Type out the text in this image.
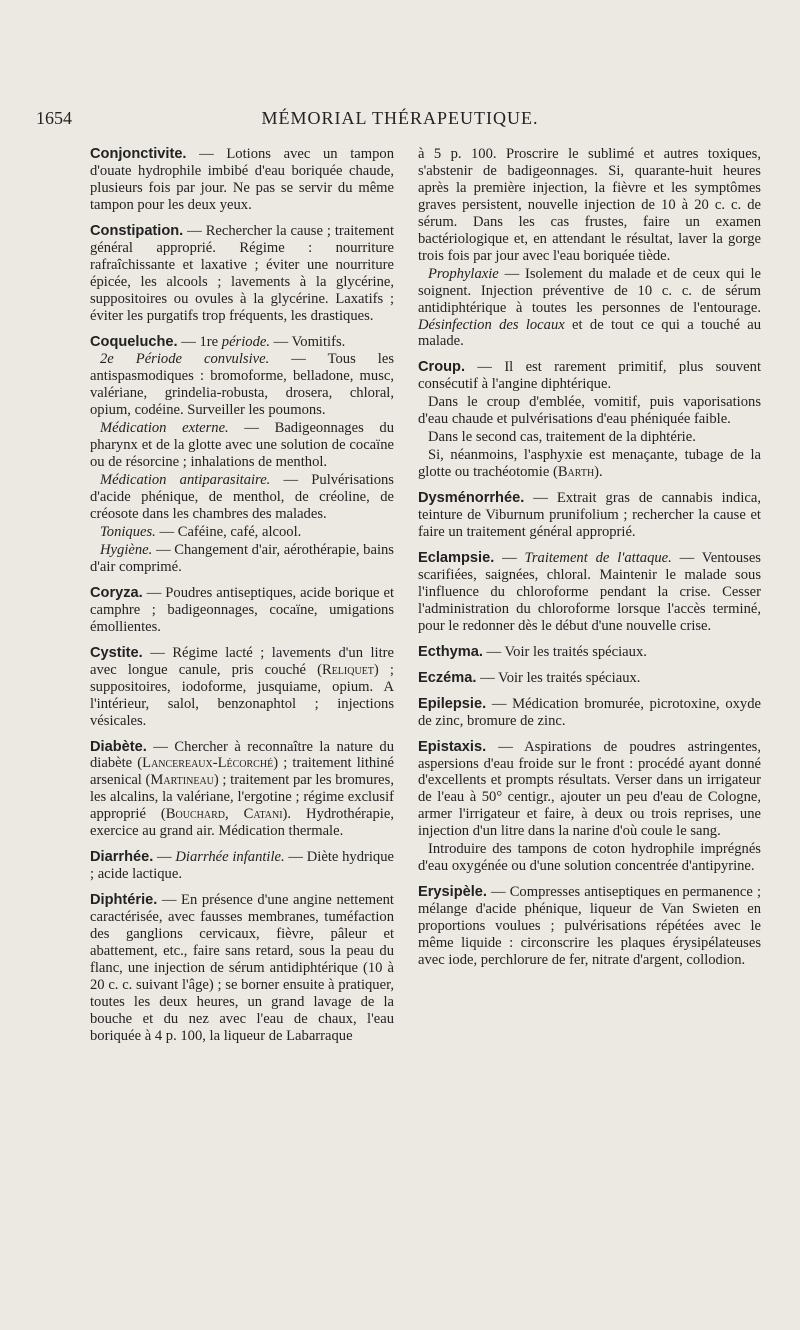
1654	MÉMORIAL THÉRAPEUTIQUE.

Conjonctivite. — Lotions avec un tampon d'ouate hydrophile imbibé d'eau boriquée chaude, plusieurs fois par jour. Ne pas se servir du même tampon pour les deux yeux.

Constipation. — Rechercher la cause ; traitement général approprié. Régime : nourriture rafraîchissante et laxative ; éviter une nourriture épicée, les alcools ; lavements à la glycérine, suppositoires ou ovules à la glycérine. Laxatifs ; éviter les purgatifs trop fréquents, les drastiques.

Coqueluche. — 1re période. — Vomitifs.

2e Période convulsive. — Tous les antispasmodiques : bromoforme, belladone, musc, valériane, grindelia-robusta, drosera, chloral, opium, codéine. Surveiller les poumons.

Médication externe. — Badigeonnages du pharynx et de la glotte avec une solution de cocaïne ou de résorcine ; inhalations de menthol.

Médication antiparasitaire. — Pulvérisations d'acide phénique, de menthol, de créoline, de créosote dans les chambres des malades.

Toniques. — Caféine, café, alcool.

Hygiène. — Changement d'air, aérothérapie, bains d'air comprimé.

Coryza. — Poudres antiseptiques, acide borique et camphre ; badigeonnages, cocaïne, umigations émollientes.

Cystite. — Régime lacté ; lavements d'un litre avec longue canule, pris couché (Reliquet) ; suppositoires, iodoforme, jusquiame, opium. A l'intérieur, salol, benzonaphtol ; injections vésicales.

Diabète. — Chercher à reconnaître la nature du diabète (Lancereaux-Lécorché) ; traitement lithiné arsenical (Martineau) ; traitement par les bromures, les alcalins, la valériane, l'ergotine ; régime exclusif approprié (Bouchard, Catani). Hydrothérapie, exercice au grand air. Médication thermale.

Diarrhée. — Diarrhée infantile. — Diète hydrique ; acide lactique.

Diphtérie. — En présence d'une angine nettement caractérisée, avec fausses membranes, tuméfaction des ganglions cervicaux, fièvre, pâleur et abattement, etc., faire sans retard, sous la peau du flanc, une injection de sérum antidiphtérique (10 à 20 c. c. suivant l'âge) ; se borner ensuite à pratiquer, toutes les deux heures, un grand lavage de la bouche et du nez avec l'eau de chaux, l'eau boriquée à 4 p. 100, la liqueur de Labarraque

à 5 p. 100. Proscrire le sublimé et autres toxiques, s'abstenir de badigeonnages. Si, quarante-huit heures après la première injection, la fièvre et les symptômes graves persistent, nouvelle injection de 10 à 20 c. c. de sérum. Dans les cas frustes, faire un examen bactériologique et, en attendant le résultat, laver la gorge trois fois par jour avec l'eau boriquée tiède.

Prophylaxie — Isolement du malade et de ceux qui le soignent. Injection préventive de 10 c. c. de sérum antidiphtérique à toutes les personnes de l'entourage. Désinfection des locaux et de tout ce qui a touché au malade.

Croup. — Il est rarement primitif, plus souvent consécutif à l'angine diphtérique.

Dans le croup d'emblée, vomitif, puis vaporisations d'eau chaude et pulvérisations d'eau phéniquée faible.

Dans le second cas, traitement de la diphtérie.

Si, néanmoins, l'asphyxie est menaçante, tubage de la glotte ou trachéotomie (Barth).

Dysménorrhée. — Extrait gras de cannabis indica, teinture de Viburnum prunifolium ; rechercher la cause et faire un traitement général approprié.

Eclampsie. — Traitement de l'attaque. — Ventouses scarifiées, saignées, chloral. Maintenir le malade sous l'influence du chloroforme pendant la crise. Cesser l'administration du chloroforme lorsque l'accès terminé, pour le redonner dès le début d'une nouvelle crise.

Ecthyma. — Voir les traités spéciaux.

Eczéma. — Voir les traités spéciaux.

Epilepsie. — Médication bromurée, picrotoxine, oxyde de zinc, bromure de zinc.

Epistaxis. — Aspirations de poudres astringentes, aspersions d'eau froide sur le front : procédé ayant donné d'excellents et prompts résultats. Verser dans un irrigateur de l'eau à 50° centigr., ajouter un peu d'eau de Cologne, armer l'irrigateur et faire, à deux ou trois reprises, une injection d'un litre dans la narine d'où coule le sang.

Introduire des tampons de coton hydrophile imprégnés d'eau oxygénée ou d'une solution concentrée d'antipyrine.

Erysipèle. — Compresses antiseptiques en permanence ; mélange d'acide phénique, liqueur de Van Swieten en proportions voulues ; pulvérisations répétées avec le même liquide : circonscrire les plaques érysipélateuses avec iode, perchlorure de fer, nitrate d'argent, collodion.
